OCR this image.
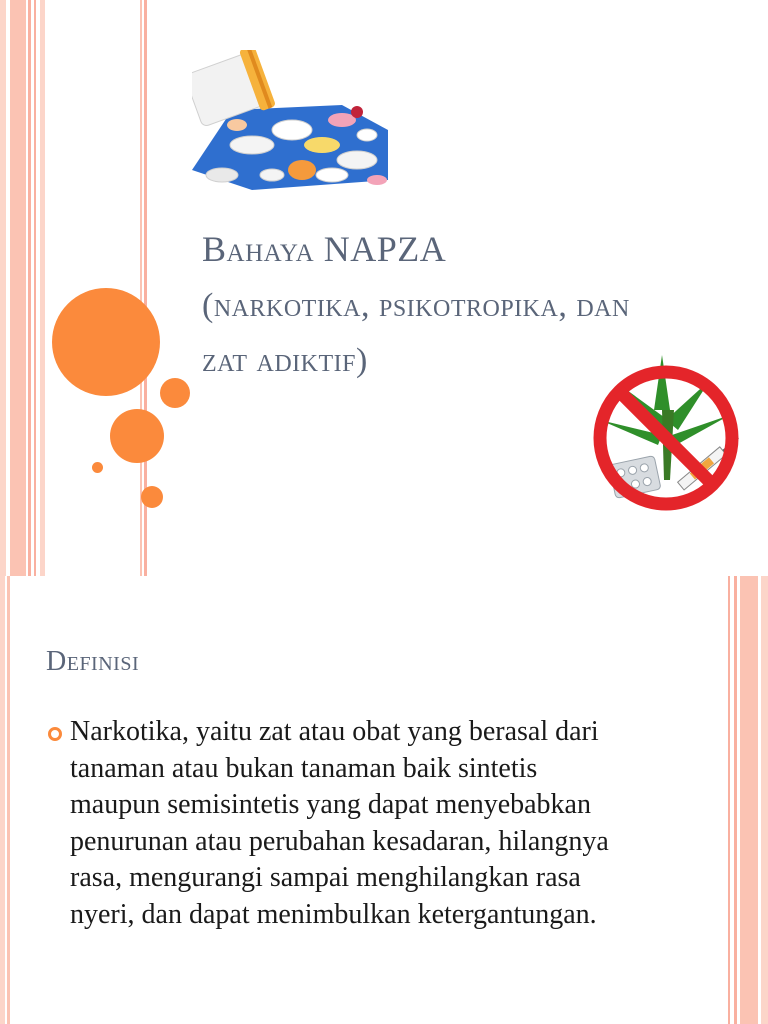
Bahaya NAPZA
(narkotika, psikotropika, dan zat adiktif)
Definisi
Narkotika, yaitu zat atau obat yang berasal dari tanaman atau bukan tanaman baik sintetis maupun semisintetis yang dapat menyebabkan penurunan atau perubahan kesadaran, hilangnya rasa, mengurangi sampai menghilangkan rasa nyeri, dan dapat menimbulkan ketergantungan.
